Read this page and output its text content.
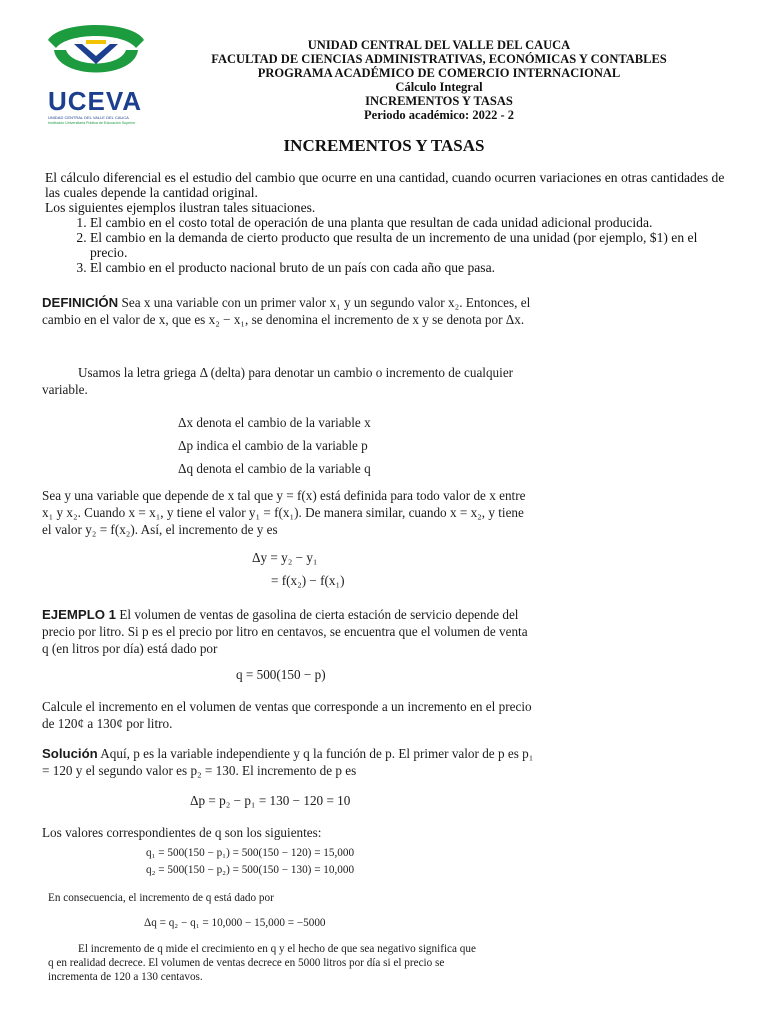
UCEVA
UNIDAD CENTRAL DEL VALLE DEL CAUCA
Institución Universitaria Pública de Educación Superior
UNIDAD CENTRAL DEL VALLE DEL CAUCA
FACULTAD DE CIENCIAS ADMINISTRATIVAS, ECONÓMICAS Y CONTABLES
PROGRAMA ACADÉMICO DE COMERCIO INTERNACIONAL
Cálculo Integral
INCREMENTOS Y TASAS
Periodo académico: 2022 - 2
INCREMENTOS Y TASAS

El cálculo diferencial es el estudio del cambio que ocurre en una cantidad, cuando ocurren variaciones en otras cantidades de las cuales depende la cantidad original.

Los siguientes ejemplos ilustran tales situaciones.

1. El cambio en el costo total de operación de una planta que resultan de cada unidad adicional producida.
2. El cambio en la demanda de cierto producto que resulta de un incremento de una unidad (por ejemplo, $1) en el precio.
3. El cambio en el producto nacional bruto de un país con cada año que pasa.
DEFINICIÓN Sea x una variable con un primer valor x₁ y un segundo valor x₂. Entonces, el cambio en el valor de x, que es x₂ − x₁, se denomina el incremento de x y se denota por Δx.
Usamos la letra griega Δ (delta) para denotar un cambio o incremento de cualquier variable.
Δx denota el cambio de la variable x
Δp indica el cambio de la variable p
Δq denota el cambio de la variable q
Sea y una variable que depende de x tal que y = f(x) está definida para todo valor de x entre x₁ y x₂. Cuando x = x₁, y tiene el valor y₁ = f(x₁). De manera similar, cuando x = x₂, y tiene el valor y₂ = f(x₂). Así, el incremento de y es
Δy = y₂ − y₁
= f(x₂) − f(x₁)
EJEMPLO 1 El volumen de ventas de gasolina de cierta estación de servicio depende del precio por litro. Si p es el precio por litro en centavos, se encuentra que el volumen de venta q (en litros por día) está dado por
q = 500(150 − p)
Calcule el incremento en el volumen de ventas que corresponde a un incremento en el precio de 120¢ a 130¢ por litro.
Solución Aquí, p es la variable independiente y q la función de p. El primer valor de p es p₁ = 120 y el segundo valor es p₂ = 130. El incremento de p es
Δp = p₂ − p₁ = 130 − 120 = 10
Los valores correspondientes de q son los siguientes:
q₁ = 500(150 − p₁) = 500(150 − 120) = 15,000
q₂ = 500(150 − p₂) = 500(150 − 130) = 10,000
En consecuencia, el incremento de q está dado por
Δq = q₂ − q₁ = 10,000 − 15,000 = −5000
El incremento de q mide el crecimiento en q y el hecho de que sea negativo significa que q en realidad decrece. El volumen de ventas decrece en 5000 litros por día si el precio se incrementa de 120 a 130 centavos.
